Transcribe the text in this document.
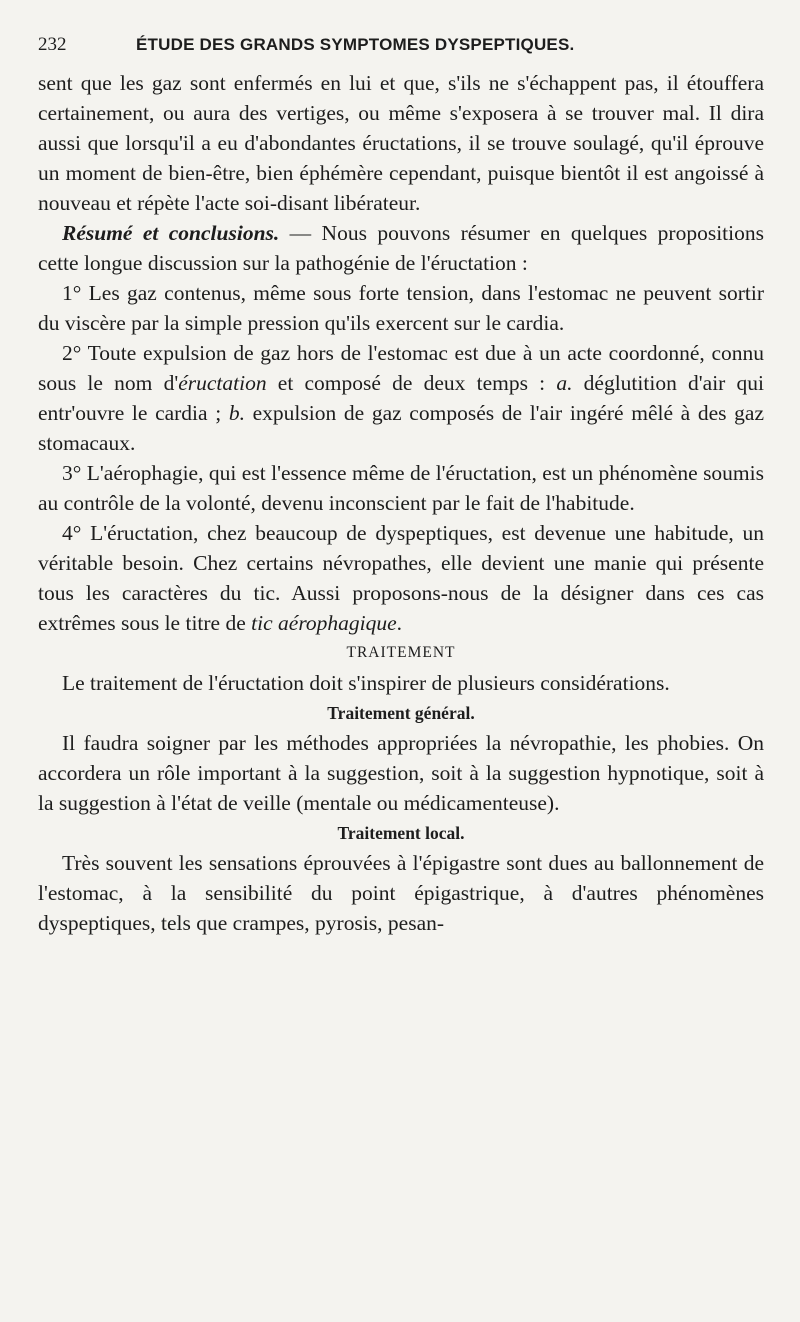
232	ÉTUDE DES GRANDS SYMPTOMES DYSPEPTIQUES.

sent que les gaz sont enfermés en lui et que, s'ils ne s'échappent pas, il étouffera certainement, ou aura des vertiges, ou même s'exposera à se trouver mal. Il dira aussi que lorsqu'il a eu d'abondantes éructations, il se trouve soulagé, qu'il éprouve un moment de bien-être, bien éphémère cependant, puisque bientôt il est angoissé à nouveau et répète l'acte soi-disant libérateur.

Résumé et conclusions. — Nous pouvons résumer en quelques propositions cette longue discussion sur la pathogénie de l'éructation :

1° Les gaz contenus, même sous forte tension, dans l'estomac ne peuvent sortir du viscère par la simple pression qu'ils exercent sur le cardia.

2° Toute expulsion de gaz hors de l'estomac est due à un acte coordonné, connu sous le nom d'éructation et composé de deux temps : a. déglutition d'air qui entr'ouvre le cardia ; b. expulsion de gaz composés de l'air ingéré mêlé à des gaz stomacaux.

3° L'aérophagie, qui est l'essence même de l'éructation, est un phénomène soumis au contrôle de la volonté, devenu inconscient par le fait de l'habitude.

4° L'éructation, chez beaucoup de dyspeptiques, est devenue une habitude, un véritable besoin. Chez certains névropathes, elle devient une manie qui présente tous les caractères du tic. Aussi proposons-nous de la désigner dans ces cas extrêmes sous le titre de tic aérophagique.

TRAITEMENT

Le traitement de l'éructation doit s'inspirer de plusieurs considérations.

Traitement général.

Il faudra soigner par les méthodes appropriées la névropathie, les phobies. On accordera un rôle important à la suggestion, soit à la suggestion hypnotique, soit à la suggestion à l'état de veille (mentale ou médicamenteuse).

Traitement local.

Très souvent les sensations éprouvées à l'épigastre sont dues au ballonnement de l'estomac, à la sensibilité du point épigastrique, à d'autres phénomènes dyspeptiques, tels que crampes, pyrosis, pesan-
